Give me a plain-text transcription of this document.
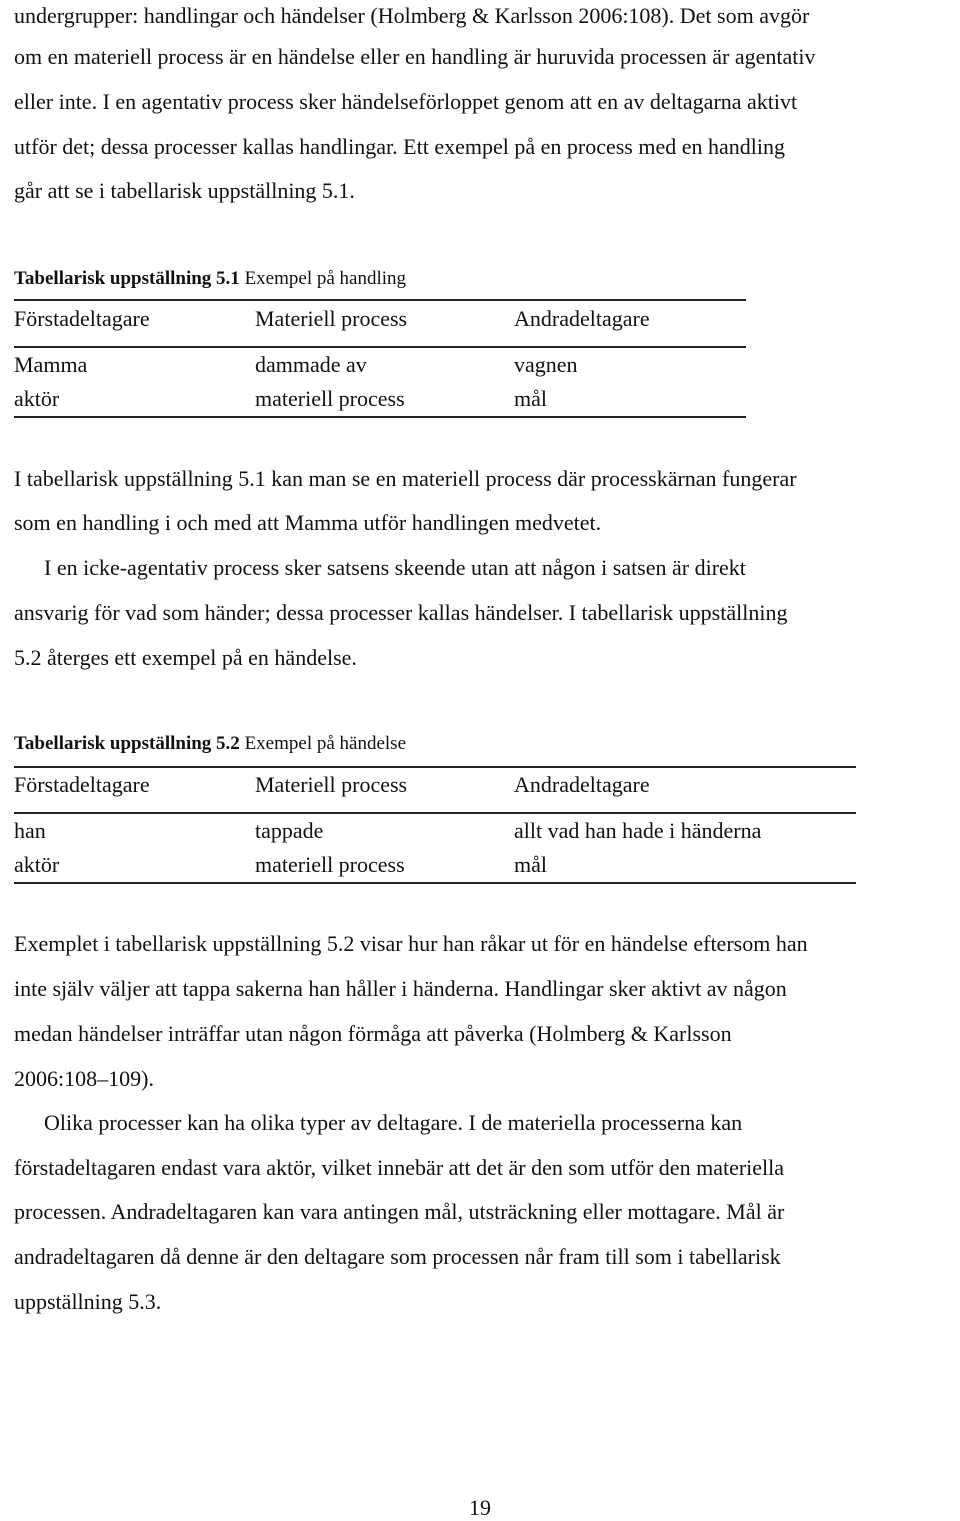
undergrupper: handlingar och händelser (Holmberg & Karlsson 2006:108). Det som avgör
om en materiell process är en händelse eller en handling är huruvida processen är agentativ
eller inte. I en agentativ process sker händelseförloppet genom att en av deltagarna aktivt
utför det; dessa processer kallas handlingar. Ett exempel på en process med en handling
går att se i tabellarisk uppställning 5.1.
Tabellarisk uppställning 5.1 Exempel på handling
Förstadeltagare	Materiell process	Andradeltagare
Mamma	dammade av	vagnen
aktör	materiell process	mål
I tabellarisk uppställning 5.1 kan man se en materiell process där processkärnan fungerar
som en handling i och med att Mamma utför handlingen medvetet.
I en icke-agentativ process sker satsens skeende utan att någon i satsen är direkt
ansvarig för vad som händer; dessa processer kallas händelser. I tabellarisk uppställning
5.2 återges ett exempel på en händelse.
Tabellarisk uppställning 5.2 Exempel på händelse
Förstadeltagare	Materiell process	Andradeltagare
han	tappade	allt vad han hade i händerna
aktör	materiell process	mål
Exemplet i tabellarisk uppställning 5.2 visar hur han råkar ut för en händelse eftersom han
inte själv väljer att tappa sakerna han håller i händerna. Handlingar sker aktivt av någon
medan händelser inträffar utan någon förmåga att påverka (Holmberg & Karlsson
2006:108–109).
Olika processer kan ha olika typer av deltagare. I de materiella processerna kan
förstadeltagaren endast vara aktör, vilket innebär att det är den som utför den materiella
processen. Andradeltagaren kan vara antingen mål, utsträckning eller mottagare. Mål är
andradeltagaren då denne är den deltagare som processen når fram till som i tabellarisk
uppställning 5.3.
19
